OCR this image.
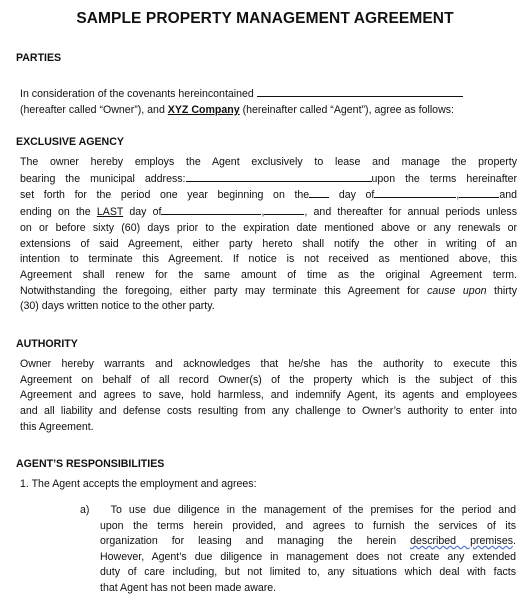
SAMPLE PROPERTY MANAGEMENT AGREEMENT
PARTIES
In consideration of the covenants hereincontained
(hereafter called “Owner”), and XYZ Company (hereinafter called “Agent”), agree as follows:
EXCLUSIVE AGENCY
The owner hereby employs the Agent exclusively to lease and manage the property
bearing the municipal address:	upon the terms hereinafter
set forth for the period one year beginning on the	day of	,	and
ending on the LAST day of	,	, and thereafter for annual periods unless
on or before sixty (60) days prior to the expiration date mentioned above or any renewals or
extensions of said Agreement, either party hereto shall notify the other in writing of an
intention to terminate this Agreement. If notice is not received as mentioned above, this
Agreement shall renew for the same amount of time as the original Agreement term.
Notwithstanding the foregoing, either party may terminate this Agreement for cause upon thirty
(30) days written notice to the other party.
AUTHORITY
Owner hereby warrants and acknowledges that he/she has the authority to execute this
Agreement on behalf of all record Owner(s) of the property which is the subject of this
Agreement and agrees to save, hold harmless, and indemnify Agent, its agents and employees
and all liability and defense costs resulting from any challenge to Owner’s authority to enter into
this Agreement.
AGENT’S RESPONSIBILITIES
1. The Agent accepts the employment and agrees:
a) To use due diligence in the management of the premises for the period and
upon the terms herein provided, and agrees to furnish the services of its
organization for leasing and managing the herein described premises.
However, Agent’s due diligence in management does not create any extended
duty of care including, but not limited to, any situations which deal with facts
that Agent has not been made aware.
